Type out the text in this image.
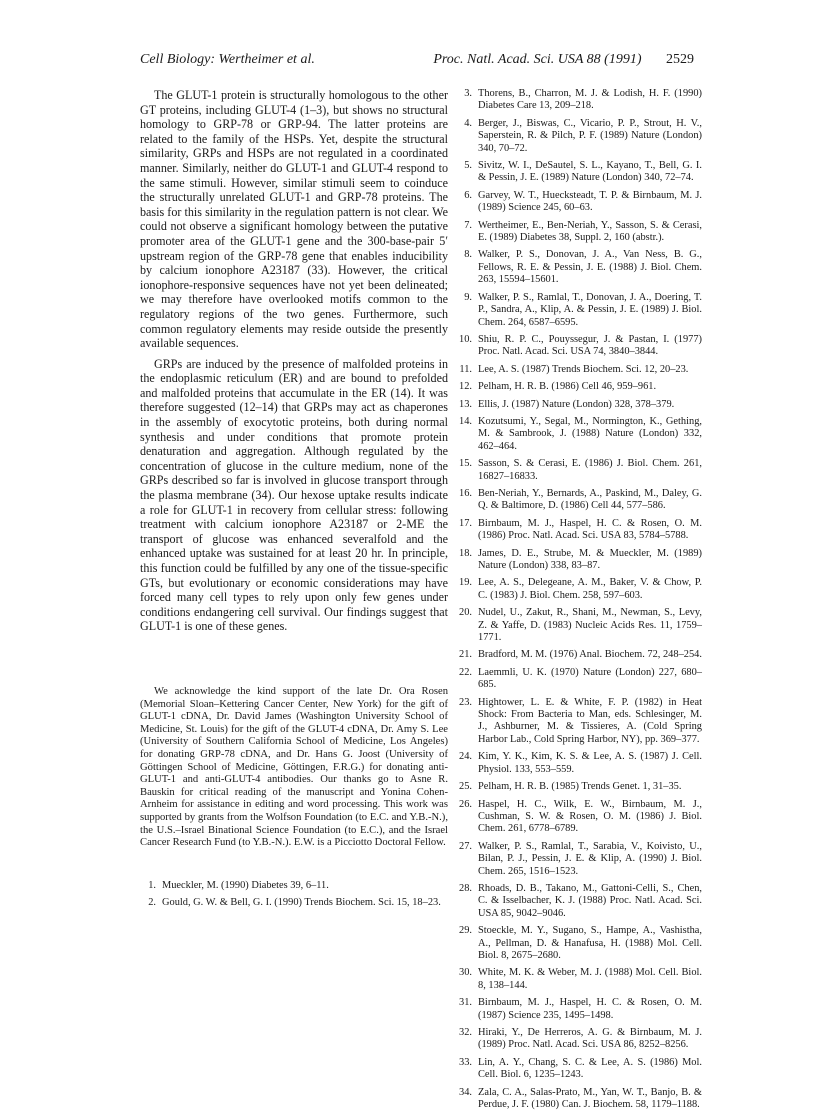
Cell Biology: Wertheimer et al.	Proc. Natl. Acad. Sci. USA 88 (1991) 2529

The GLUT-1 protein is structurally homologous to the other GT proteins, including GLUT-4 (1–3), but shows no structural homology to GRP-78 or GRP-94. The latter proteins are related to the family of the HSPs. Yet, despite the structural similarity, GRPs and HSPs are not regulated in a coordinated manner. Similarly, neither do GLUT-1 and GLUT-4 respond to the same stimuli. However, similar stimuli seem to coinduce the structurally unrelated GLUT-1 and GRP-78 proteins. The basis for this similarity in the regulation pattern is not clear. We could not observe a significant homology between the putative promoter area of the GLUT-1 gene and the 300-base-pair 5′ upstream region of the GRP-78 gene that enables inducibility by calcium ionophore A23187 (33). However, the critical ionophore-responsive sequences have not yet been delineated; we may therefore have overlooked motifs common to the regulatory regions of the two genes. Furthermore, such common regulatory elements may reside outside the presently available sequences.

GRPs are induced by the presence of malfolded proteins in the endoplasmic reticulum (ER) and are bound to prefolded and malfolded proteins that accumulate in the ER (14). It was therefore suggested (12–14) that GRPs may act as chaperones in the assembly of exocytotic proteins, both during normal synthesis and under conditions that promote protein denaturation and aggregation. Although regulated by the concentration of glucose in the culture medium, none of the GRPs described so far is involved in glucose transport through the plasma membrane (34). Our hexose uptake results indicate a role for GLUT-1 in recovery from cellular stress: following treatment with calcium ionophore A23187 or 2-ME the transport of glucose was enhanced severalfold and the enhanced uptake was sustained for at least 20 hr. In principle, this function could be fulfilled by any one of the tissue-specific GTs, but evolutionary or economic considerations may have forced many cell types to rely upon only few genes under conditions endangering cell survival. Our findings suggest that GLUT-1 is one of these genes.

We acknowledge the kind support of the late Dr. Ora Rosen (Memorial Sloan–Kettering Cancer Center, New York) for the gift of GLUT-1 cDNA, Dr. David James (Washington University School of Medicine, St. Louis) for the gift of the GLUT-4 cDNA, Dr. Amy S. Lee (University of Southern California School of Medicine, Los Angeles) for donating GRP-78 cDNA, and Dr. Hans G. Joost (University of Göttingen School of Medicine, Göttingen, F.R.G.) for donating anti-GLUT-1 and anti-GLUT-4 antibodies. Our thanks go to Asne R. Bauskin for critical reading of the manuscript and Yonina Cohen-Arnheim for assistance in editing and word processing. This work was supported by grants from the Wolfson Foundation (to E.C. and Y.B.-N.), the U.S.–Israel Binational Science Foundation (to E.C.), and the Israel Cancer Research Fund (to Y.B.-N.). E.W. is a Picciotto Doctoral Fellow.

1. Mueckler, M. (1990) Diabetes 39, 6–11.
2. Gould, G. W. & Bell, G. I. (1990) Trends Biochem. Sci. 15, 18–23.
3. Thorens, B., Charron, M. J. & Lodish, H. F. (1990) Diabetes Care 13, 209–218.
4. Berger, J., Biswas, C., Vicario, P. P., Strout, H. V., Saperstein, R. & Pilch, P. F. (1989) Nature (London) 340, 70–72.
5. Sivitz, W. I., DeSautel, S. L., Kayano, T., Bell, G. I. & Pessin, J. E. (1989) Nature (London) 340, 72–74.
6. Garvey, W. T., Huecksteadt, T. P. & Birnbaum, M. J. (1989) Science 245, 60–63.
7. Wertheimer, E., Ben-Neriah, Y., Sasson, S. & Cerasi, E. (1989) Diabetes 38, Suppl. 2, 160 (abstr.).
8. Walker, P. S., Donovan, J. A., Van Ness, B. G., Fellows, R. E. & Pessin, J. E. (1988) J. Biol. Chem. 263, 15594–15601.
9. Walker, P. S., Ramlal, T., Donovan, J. A., Doering, T. P., Sandra, A., Klip, A. & Pessin, J. E. (1989) J. Biol. Chem. 264, 6587–6595.
10. Shiu, R. P. C., Pouyssegur, J. & Pastan, I. (1977) Proc. Natl. Acad. Sci. USA 74, 3840–3844.
11. Lee, A. S. (1987) Trends Biochem. Sci. 12, 20–23.
12. Pelham, H. R. B. (1986) Cell 46, 959–961.
13. Ellis, J. (1987) Nature (London) 328, 378–379.
14. Kozutsumi, Y., Segal, M., Normington, K., Gething, M. & Sambrook, J. (1988) Nature (London) 332, 462–464.
15. Sasson, S. & Cerasi, E. (1986) J. Biol. Chem. 261, 16827–16833.
16. Ben-Neriah, Y., Bernards, A., Paskind, M., Daley, G. Q. & Baltimore, D. (1986) Cell 44, 577–586.
17. Birnbaum, M. J., Haspel, H. C. & Rosen, O. M. (1986) Proc. Natl. Acad. Sci. USA 83, 5784–5788.
18. James, D. E., Strube, M. & Mueckler, M. (1989) Nature (London) 338, 83–87.
19. Lee, A. S., Delegeane, A. M., Baker, V. & Chow, P. C. (1983) J. Biol. Chem. 258, 597–603.
20. Nudel, U., Zakut, R., Shani, M., Newman, S., Levy, Z. & Yaffe, D. (1983) Nucleic Acids Res. 11, 1759–1771.
21. Bradford, M. M. (1976) Anal. Biochem. 72, 248–254.
22. Laemmli, U. K. (1970) Nature (London) 227, 680–685.
23. Hightower, L. E. & White, F. P. (1982) in Heat Shock: From Bacteria to Man, eds. Schlesinger, M. J., Ashburner, M. & Tissieres, A. (Cold Spring Harbor Lab., Cold Spring Harbor, NY), pp. 369–377.
24. Kim, Y. K., Kim, K. S. & Lee, A. S. (1987) J. Cell. Physiol. 133, 553–559.
25. Pelham, H. R. B. (1985) Trends Genet. 1, 31–35.
26. Haspel, H. C., Wilk, E. W., Birnbaum, M. J., Cushman, S. W. & Rosen, O. M. (1986) J. Biol. Chem. 261, 6778–6789.
27. Walker, P. S., Ramlal, T., Sarabia, V., Koivisto, U., Bilan, P. J., Pessin, J. E. & Klip, A. (1990) J. Biol. Chem. 265, 1516–1523.
28. Rhoads, D. B., Takano, M., Gattoni-Celli, S., Chen, C. & Isselbacher, K. J. (1988) Proc. Natl. Acad. Sci. USA 85, 9042–9046.
29. Stoeckle, M. Y., Sugano, S., Hampe, A., Vashistha, A., Pellman, D. & Hanafusa, H. (1988) Mol. Cell. Biol. 8, 2675–2680.
30. White, M. K. & Weber, M. J. (1988) Mol. Cell. Biol. 8, 138–144.
31. Birnbaum, M. J., Haspel, H. C. & Rosen, O. M. (1987) Science 235, 1495–1498.
32. Hiraki, Y., De Herreros, A. G. & Birnbaum, M. J. (1989) Proc. Natl. Acad. Sci. USA 86, 8252–8256.
33. Lin, A. Y., Chang, S. C. & Lee, A. S. (1986) Mol. Cell. Biol. 6, 1235–1243.
34. Zala, C. A., Salas-Prato, M., Yan, W. T., Banjo, B. & Perdue, J. F. (1980) Can. J. Biochem. 58, 1179–1188.
